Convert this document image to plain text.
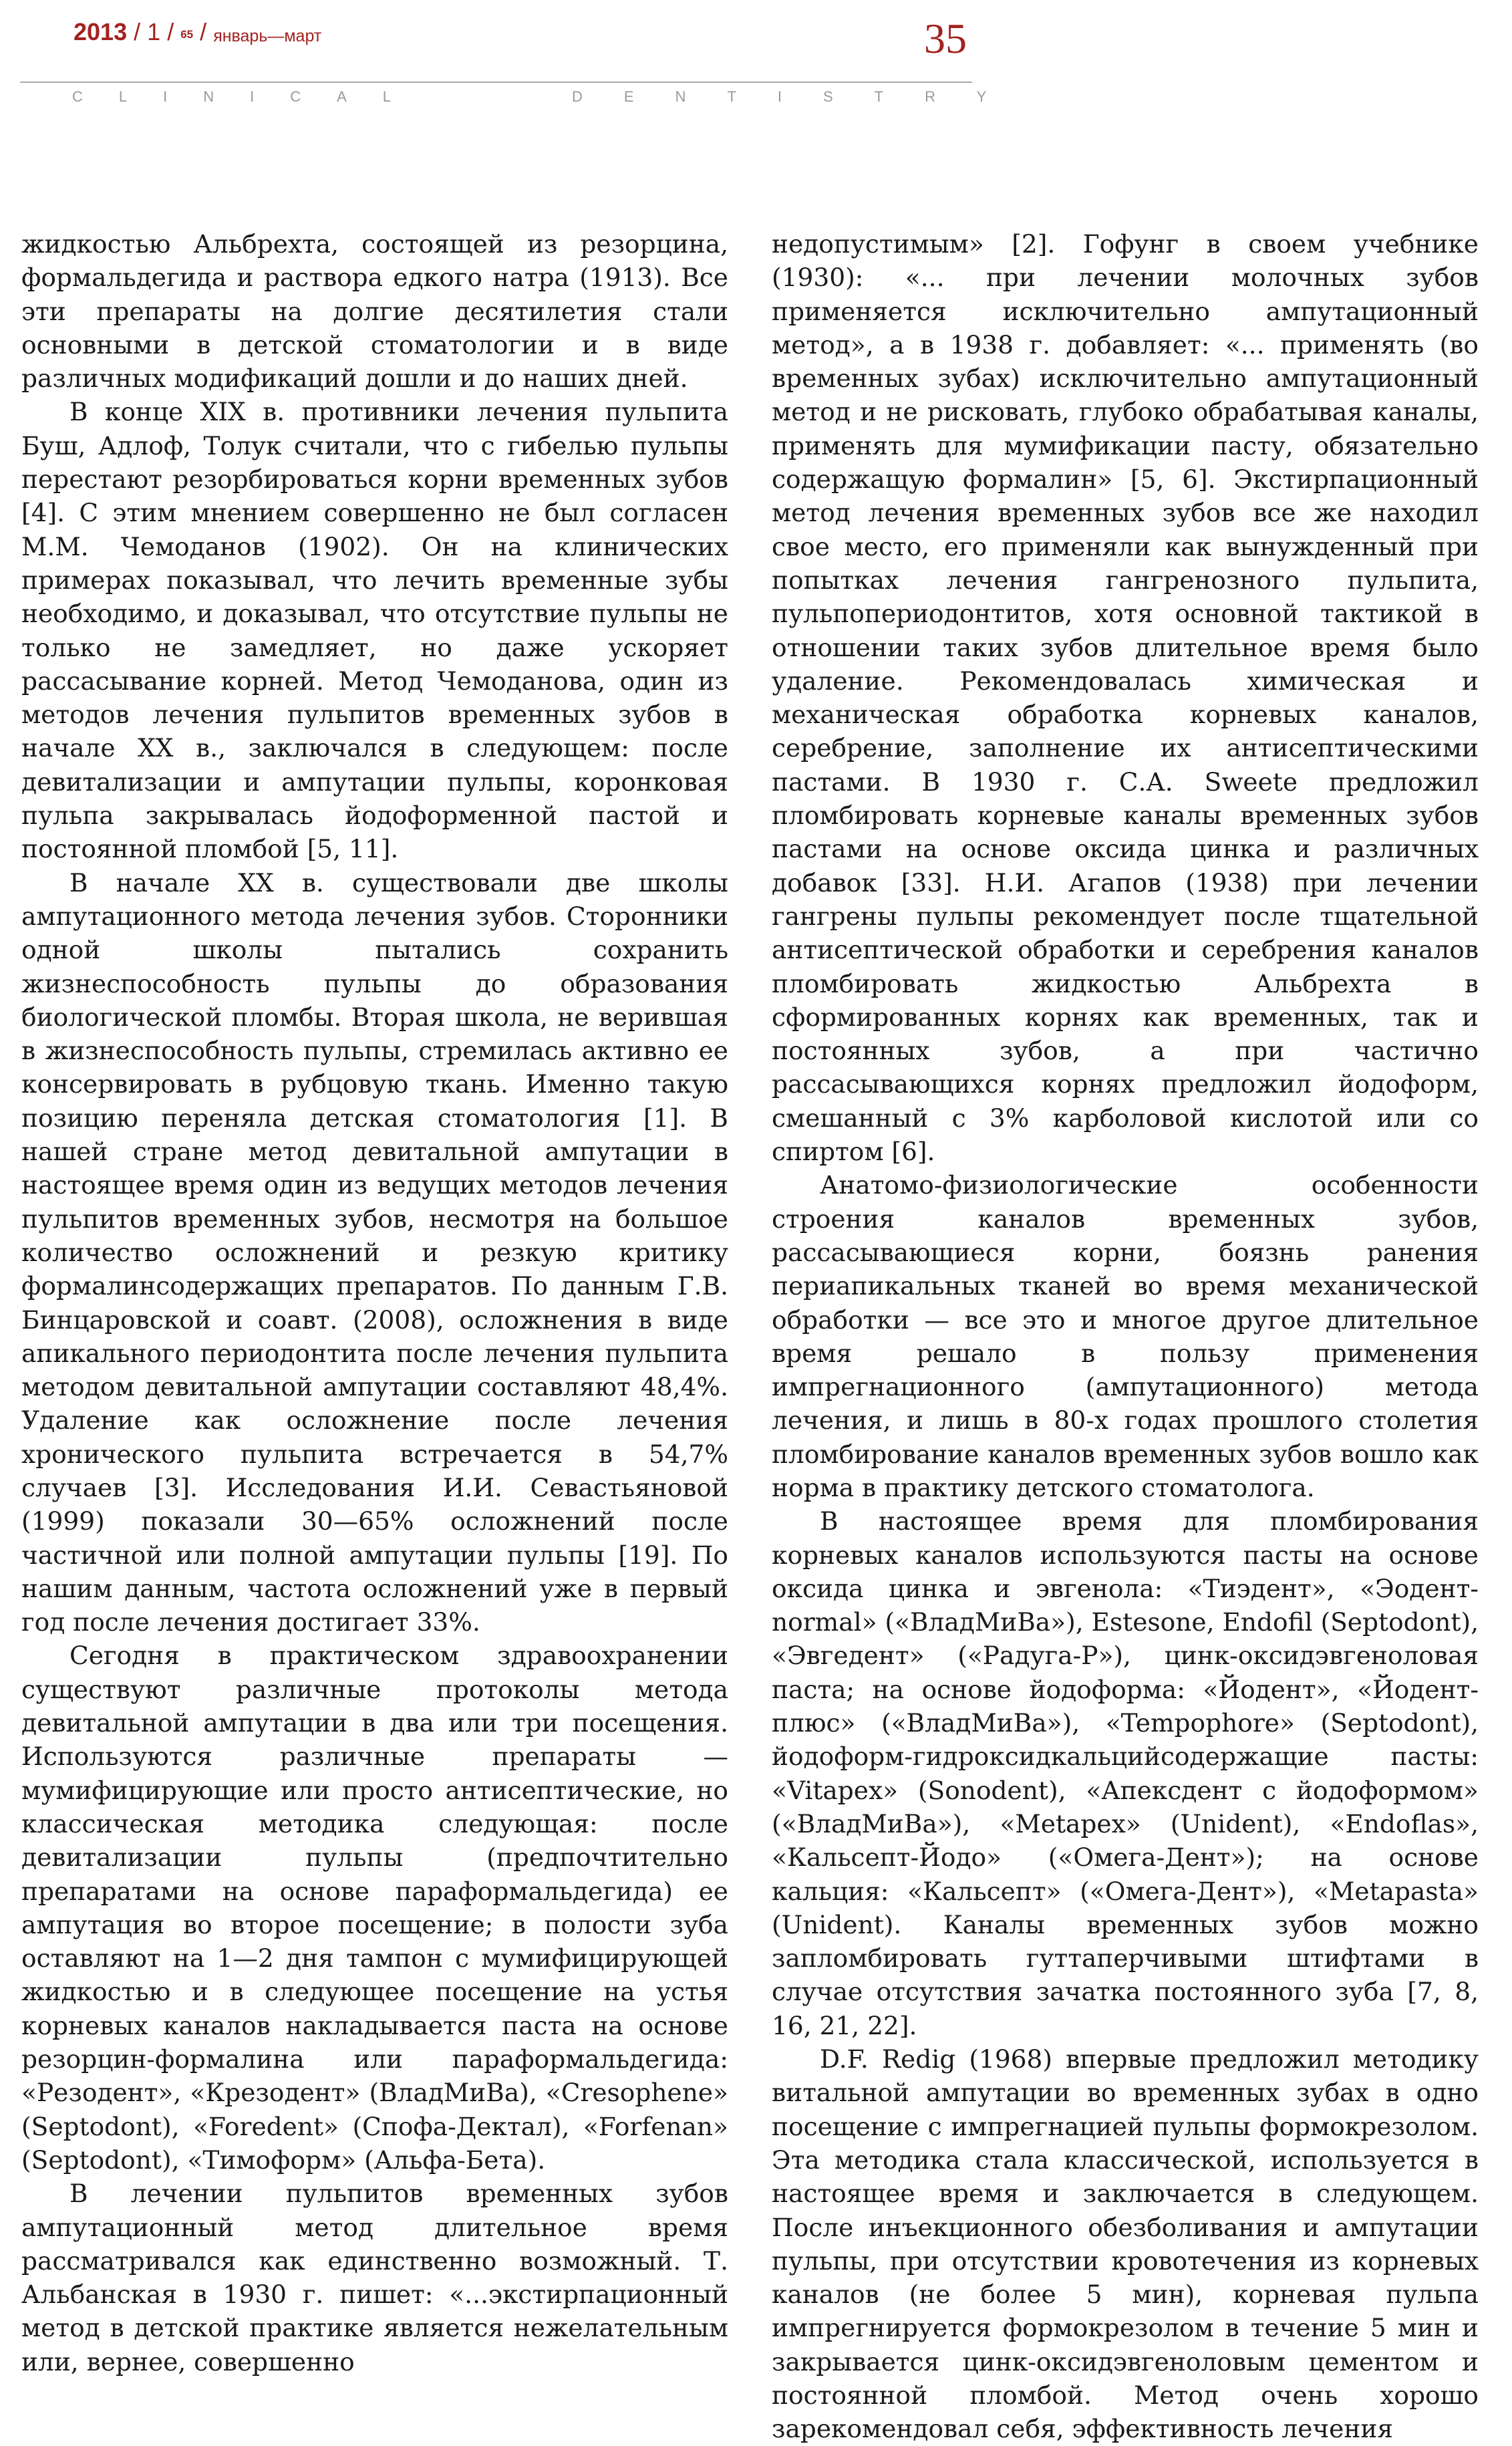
2013 / 1 / $^{65}$ / $^{январь—март}$	35
CLINICAL	DENTISTRY

жидкостью Альбрехта, состоящей из резорцина, формальдегида и раствора едкого натра (1913). Все эти препараты на долгие десятилетия стали основными в детской стоматологии и в виде различных модификаций дошли и до наших дней.

В конце XIX в. противники лечения пульпита Буш, Адлоф, Толук считали, что с гибелью пульпы перестают резорбироваться корни временных зубов [4]. С этим мнением совершенно не был согласен М.М. Чемоданов (1902). Он на клинических примерах показывал, что лечить временные зубы необходимо, и доказывал, что отсутствие пульпы не только не замедляет, но даже ускоряет рассасывание корней. Метод Чемоданова, один из методов лечения пульпитов временных зубов в начале XX в., заключался в следующем: после девитализации и ампутации пульпы, коронковая пульпа закрывалась йодоформенной пастой и постоянной пломбой [5, 11].

В начале XX в. существовали две школы ампутационного метода лечения зубов. Сторонники одной школы пытались сохранить жизнеспособность пульпы до образования биологической пломбы. Вторая школа, не верившая в жизнеспособность пульпы, стремилась активно ее консервировать в рубцовую ткань. Именно такую позицию переняла детская стоматология [1]. В нашей стране метод девитальной ампутации в настоящее время один из ведущих методов лечения пульпитов временных зубов, несмотря на большое количество осложнений и резкую критику формалинсодержащих препаратов. По данным Г.В. Бинцаровской и соавт. (2008), осложнения в виде апикального периодонтита после лечения пульпита методом девитальной ампутации составляют 48,4%. Удаление как осложнение после лечения хронического пульпита встречается в 54,7% случаев [3]. Исследования И.И. Севастьяновой (1999) показали 30—65% осложнений после частичной или полной ампутации пульпы [19]. По нашим данным, частота осложнений уже в первый год после лечения достигает 33%.

Сегодня в практическом здравоохранении существуют различные протоколы метода девитальной ампутации в два или три посещения. Используются различные препараты — мумифицирующие или просто антисептические, но классическая методика следующая: после девитализации пульпы (предпочтительно препаратами на основе параформальдегида) ее ампутация во второе посещение; в полости зуба оставляют на 1—2 дня тампон с мумифицирующей жидкостью и в следующее посещение на устья корневых каналов накладывается паста на основе резорцин-формалина или параформальдегида: «Резодент», «Крезодент» (ВладМиВа), «Cresophene» (Septodont), «Foredent» (Спофа-Дектал), «Forfenan» (Septodont), «Тимоформ» (Альфа-Бета).

В лечении пульпитов временных зубов ампутационный метод длительное время рассматривался как единственно возможный. Т. Альбанская в 1930 г. пишет: «...экстирпационный метод в детской практике является нежелательным или, вернее, совершенно

недопустимым» [2]. Гофунг в своем учебнике (1930): «... при лечении молочных зубов применяется исключительно ампутационный метод», а в 1938 г. добавляет: «... применять (во временных зубах) исключительно ампутационный метод и не рисковать, глубоко обрабатывая каналы, применять для мумификации пасту, обязательно содержащую формалин» [5, 6]. Экстирпационный метод лечения временных зубов все же находил свое место, его применяли как вынужденный при попытках лечения гангренозного пульпита, пульпопериодонтитов, хотя основной тактикой в отношении таких зубов длительное время было удаление. Рекомендовалась химическая и механическая обработка корневых каналов, серебрение, заполнение их антисептическими пастами. В 1930 г. С.А. Sweete предложил пломбировать корневые каналы временных зубов пастами на основе оксида цинка и различных добавок [33]. Н.И. Агапов (1938) при лечении гангрены пульпы рекомендует после тщательной антисептической обработки и серебрения каналов пломбировать жидкостью Альбрехта в сформированных корнях как временных, так и постоянных зубов, а при частично рассасывающихся корнях предложил йодоформ, смешанный с 3% карболовой кислотой или со спиртом [6].

Анатомо-физиологические особенности строения каналов временных зубов, рассасывающиеся корни, боязнь ранения периапикальных тканей во время механической обработки — все это и многое другое длительное время решало в пользу применения импрегнационного (ампутационного) метода лечения, и лишь в 80-х годах прошлого столетия пломбирование каналов временных зубов вошло как норма в практику детского стоматолога.

В настоящее время для пломбирования корневых каналов используются пасты на основе оксида цинка и эвгенола: «Тиэдент», «Эодент-normal» («ВладМиВа»), Estesone, Endofil (Septodont), «Эвгедент» («Радуга-Р»), цинк-оксидэвгеноловая паста; на основе йодоформа: «Йодент», «Йодент-плюс» («ВладМиВа»), «Tempophore» (Septodont), йодоформ-гидроксидкальцийсодержащие пасты: «Vitapex» (Sonodent), «Апексдент с йодоформом» («ВладМиВа»), «Metapex» (Unident), «Endoflas», «Кальсепт-Йодо» («Омега-Дент»); на основе кальция: «Кальсепт» («Омега-Дент»), «Metapasta» (Unident). Каналы временных зубов можно запломбировать гуттаперчивыми штифтами в случае отсутствия зачатка постоянного зуба [7, 8, 16, 21, 22].

D.F. Redig (1968) впервые предложил методику витальной ампутации во временных зубах в одно посещение с импрегнацией пульпы формокрезолом. Эта методика стала классической, используется в настоящее время и заключается в следующем. После инъекционного обезболивания и ампутации пульпы, при отсутствии кровотечения из корневых каналов (не более 5 мин), корневая пульпа импрегнируется формокрезолом в течение 5 мин и закрывается цинк-оксидэвгеноловым цементом и постоянной пломбой. Метод очень хорошо зарекомендовал себя, эффективность лечения
